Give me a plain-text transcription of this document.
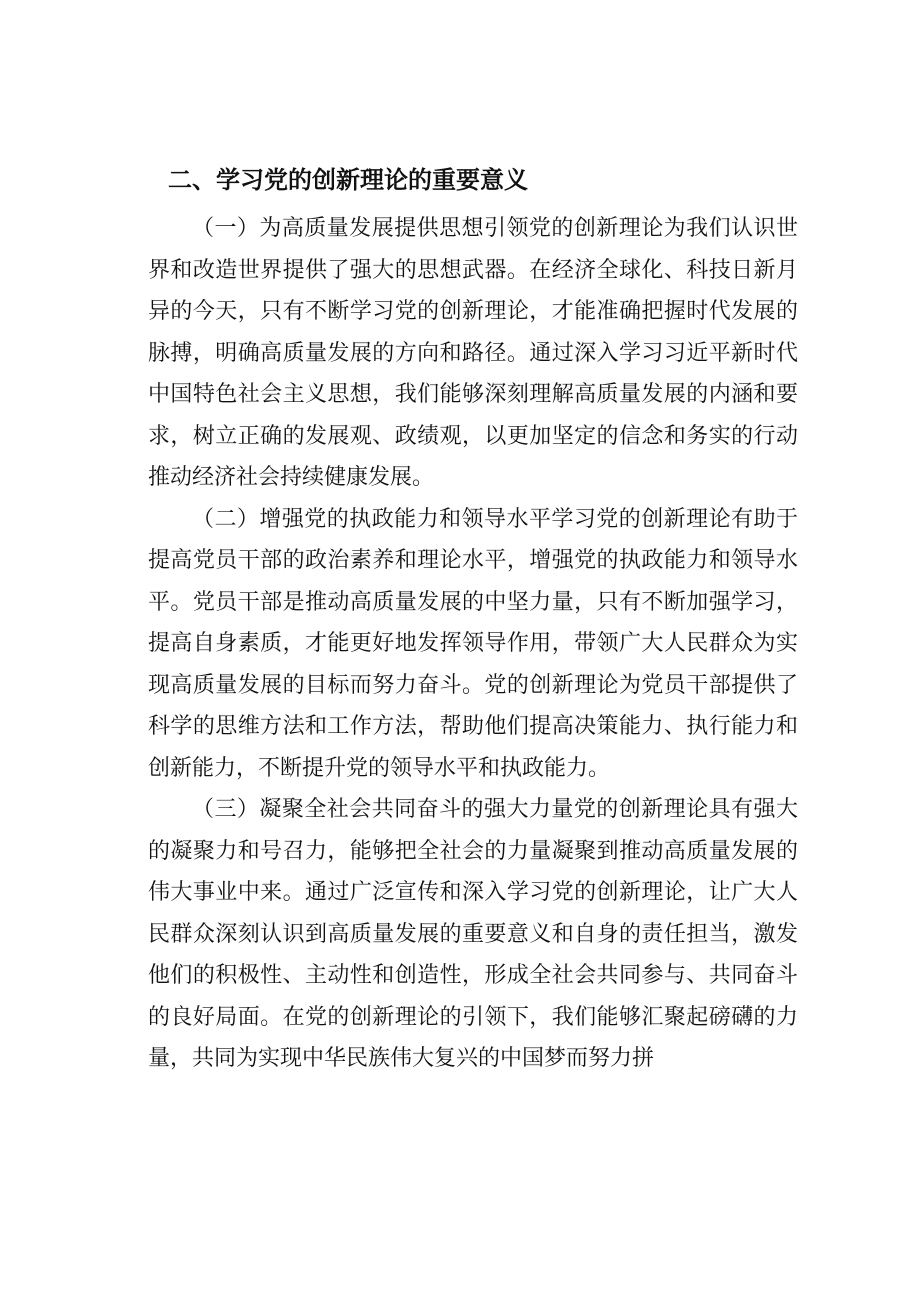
二、学习党的创新理论的重要意义

（一）为高质量发展提供思想引领党的创新理论为我们认识世界和改造世界提供了强大的思想武器。在经济全球化、科技日新月异的今天，只有不断学习党的创新理论，才能准确把握时代发展的脉搏，明确高质量发展的方向和路径。通过深入学习习近平新时代中国特色社会主义思想，我们能够深刻理解高质量发展的内涵和要求，树立正确的发展观、政绩观，以更加坚定的信念和务实的行动推动经济社会持续健康发展。

（二）增强党的执政能力和领导水平学习党的创新理论有助于提高党员干部的政治素养和理论水平，增强党的执政能力和领导水平。党员干部是推动高质量发展的中坚力量，只有不断加强学习，提高自身素质，才能更好地发挥领导作用，带领广大人民群众为实现高质量发展的目标而努力奋斗。党的创新理论为党员干部提供了科学的思维方法和工作方法，帮助他们提高决策能力、执行能力和创新能力，不断提升党的领导水平和执政能力。

（三）凝聚全社会共同奋斗的强大力量党的创新理论具有强大的凝聚力和号召力，能够把全社会的力量凝聚到推动高质量发展的伟大事业中来。通过广泛宣传和深入学习党的创新理论，让广大人民群众深刻认识到高质量发展的重要意义和自身的责任担当，激发他们的积极性、主动性和创造性，形成全社会共同参与、共同奋斗的良好局面。在党的创新理论的引领下，我们能够汇聚起磅礴的力量，共同为实现中华民族伟大复兴的中国梦而努力拼
